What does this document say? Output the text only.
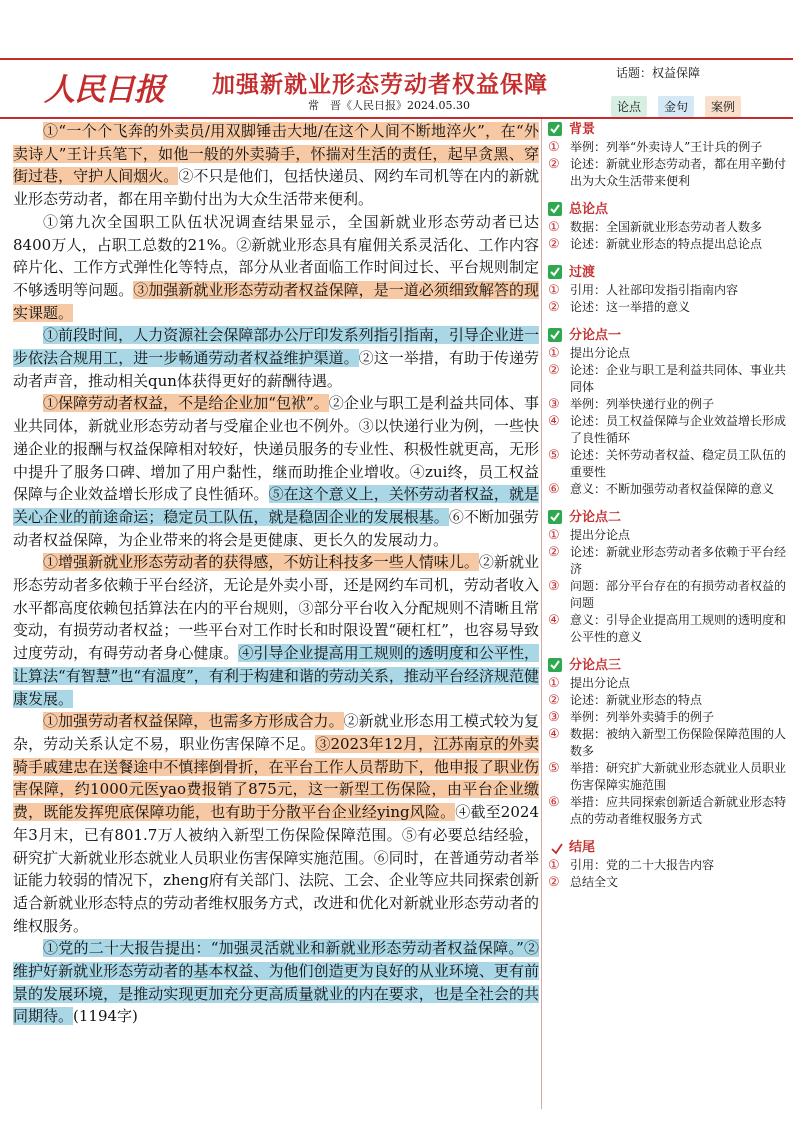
人民日报 加强新就业形态劳动者权益保障
常　晋《人民日报》2024.05.30
话题：权益保障
论点	金句	案例

①“一个个飞奔的外卖员/用双脚锤击大地/在这个人间不断地淬火”，在“外卖诗人”王计兵笔下，如他一般的外卖骑手，怀揣对生活的责任，起早贪黑、穿街过巷，守护人间烟火。②不只是他们，包括快递员、网约车司机等在内的新就业形态劳动者，都在用辛勤付出为大众生活带来便利。

①第九次全国职工队伍状况调查结果显示，全国新就业形态劳动者已达8400万人，占职工总数的21%。②新就业形态具有雇佣关系灵活化、工作内容碎片化、工作方式弹性化等特点，部分从业者面临工作时间过长、平台规则制定不够透明等问题。③加强新就业形态劳动者权益保障，是一道必须细致解答的现实课题。

①前段时间，人力资源社会保障部办公厅印发系列指引指南，引导企业进一步依法合规用工，进一步畅通劳动者权益维护渠道。②这一举措，有助于传递劳动者声音，推动相关qun体获得更好的薪酬待遇。

①保障劳动者权益，不是给企业加“包袱”。②企业与职工是利益共同体、事业共同体，新就业形态劳动者与受雇企业也不例外。③以快递行业为例，一些快递企业的报酬与权益保障相对较好，快递员服务的专业性、积极性就更高，无形中提升了服务口碑、增加了用户黏性，继而助推企业增收。④zui终，员工权益保障与企业效益增长形成了良性循环。⑤在这个意义上，关怀劳动者权益，就是关心企业的前途命运；稳定员工队伍，就是稳固企业的发展根基。⑥不断加强劳动者权益保障，为企业带来的将会是更健康、更长久的发展动力。

①增强新就业形态劳动者的获得感，不妨让科技多一些人情味儿。②新就业形态劳动者多依赖于平台经济，无论是外卖小哥，还是网约车司机，劳动者收入水平都高度依赖包括算法在内的平台规则，③部分平台收入分配规则不清晰且常变动，有损劳动者权益；一些平台对工作时长和时限设置“硬杠杠”，也容易导致过度劳动，有碍劳动者身心健康。④引导企业提高用工规则的透明度和公平性，让算法“有智慧”也“有温度”，有利于构建和谐的劳动关系，推动平台经济规范健康发展。

①加强劳动者权益保障，也需多方形成合力。②新就业形态用工模式较为复杂，劳动关系认定不易，职业伤害保障不足。③2023年12月，江苏南京的外卖骑手戚建忠在送餐途中不慎摔倒骨折，在平台工作人员帮助下，他申报了职业伤害保障，约1000元医yao费报销了875元，这一新型工伤保险，由平台企业缴费，既能发挥兜底保障功能，也有助于分散平台企业经ying风险。④截至2024年3月末，已有801.7万人被纳入新型工伤保险保障范围。⑤有必要总结经验，研究扩大新就业形态就业人员职业伤害保障实施范围。⑥同时，在普通劳动者举证能力较弱的情况下，zheng府有关部门、法院、工会、企业等应共同探索创新适合新就业形态特点的劳动者维权服务方式，改进和优化对新就业形态劳动者的维权服务。

①党的二十大报告提出：“加强灵活就业和新就业形态劳动者权益保障。”②维护好新就业形态劳动者的基本权益、为他们创造更为良好的从业环境、更有前景的发展环境，是推动实现更加充分更高质量就业的内在要求，也是全社会的共同期待。(1194字)

背景
① 举例：列举“外卖诗人”王计兵的例子
② 论述：新就业形态劳动者，都在用辛勤付出为大众生活带来便利
总论点
① 数据：全国新就业形态劳动者人数多
② 论述：新就业形态的特点提出总论点
过渡
① 引用：人社部印发指引指南内容
② 论述：这一举措的意义
分论点一
① 提出分论点
② 论述：企业与职工是利益共同体、事业共同体
③ 举例：列举快递行业的例子
④ 论述：员工权益保障与企业效益增长形成了良性循环
⑤ 论述：关怀劳动者权益、稳定员工队伍的重要性
⑥ 意义：不断加强劳动者权益保障的意义
分论点二
① 提出分论点
② 论述：新就业形态劳动者多依赖于平台经济
③ 问题：部分平台存在的有损劳动者权益的问题
④ 意义：引导企业提高用工规则的透明度和公平性的意义
分论点三
① 提出分论点
② 论述：新就业形态的特点
③ 举例：列举外卖骑手的例子
④ 数据：被纳入新型工伤保险保障范围的人数多
⑤ 举措：研究扩大新就业形态就业人员职业伤害保障实施范围
⑥ 举措：应共同探索创新适合新就业形态特点的劳动者维权服务方式
结尾
① 引用：党的二十大报告内容
② 总结全文
